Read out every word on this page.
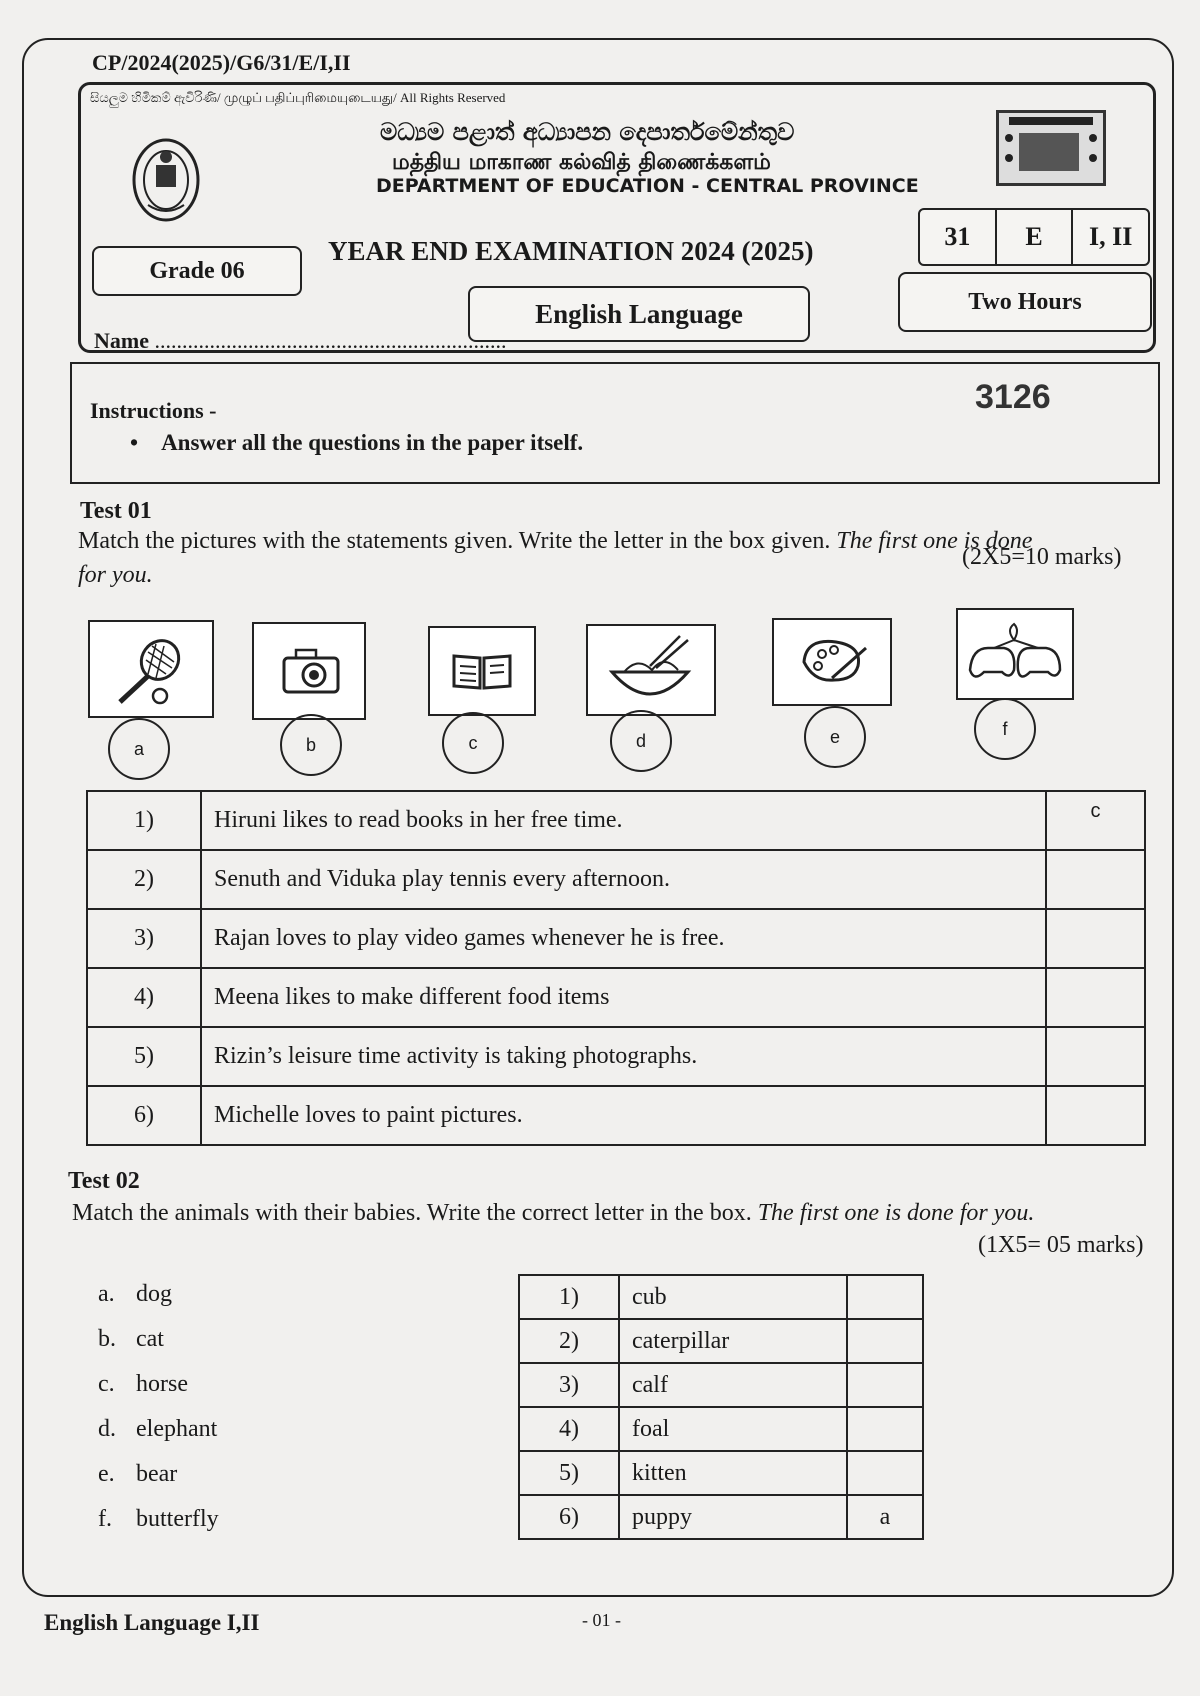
CP/2024(2025)/G6/31/E/I,II
සියලුම හිමිකම් ඇවිරිණි/ முழுப் பதிப்புரிமையுடையது/ All Rights Reserved
මධ්‍යම පළාත් අධ්‍යාපන දෙපාර්තමේන්තුව
மத்திய மாகாண கல்வித் திணைக்களம்
DEPARTMENT OF EDUCATION - CENTRAL PROVINCE
31	E	I, II
Grade 06
YEAR END EXAMINATION 2024 (2025)
English Language	Two Hours
Name ................................................................
Instructions -
•    Answer all the questions in the paper itself.
3126
Test 01
Match the pictures with the statements given. Write the letter in the box given. The first one is done
for you.
(2X5=10 marks)
a	b	c	d	e	f
1)	Hiruni likes to read books in her free time.	c
2)	Senuth and Viduka play tennis every afternoon.	
3)	Rajan loves to play video games whenever he is free.	
4)	Meena likes to make different food items	
5)	Rizin’s leisure time activity is taking photographs.	
6)	Michelle loves to paint pictures.	
Test 02
Match the animals with their babies. Write the correct letter in the box. The first one is done for you.
(1X5= 05 marks)
a. dog
b. cat
c. horse
d. elephant
e. bear
f. butterfly
1)	cub	
2)	caterpillar	
3)	calf	
4)	foal	
5)	kitten	
6)	puppy	a
English Language I,II	- 01 -
